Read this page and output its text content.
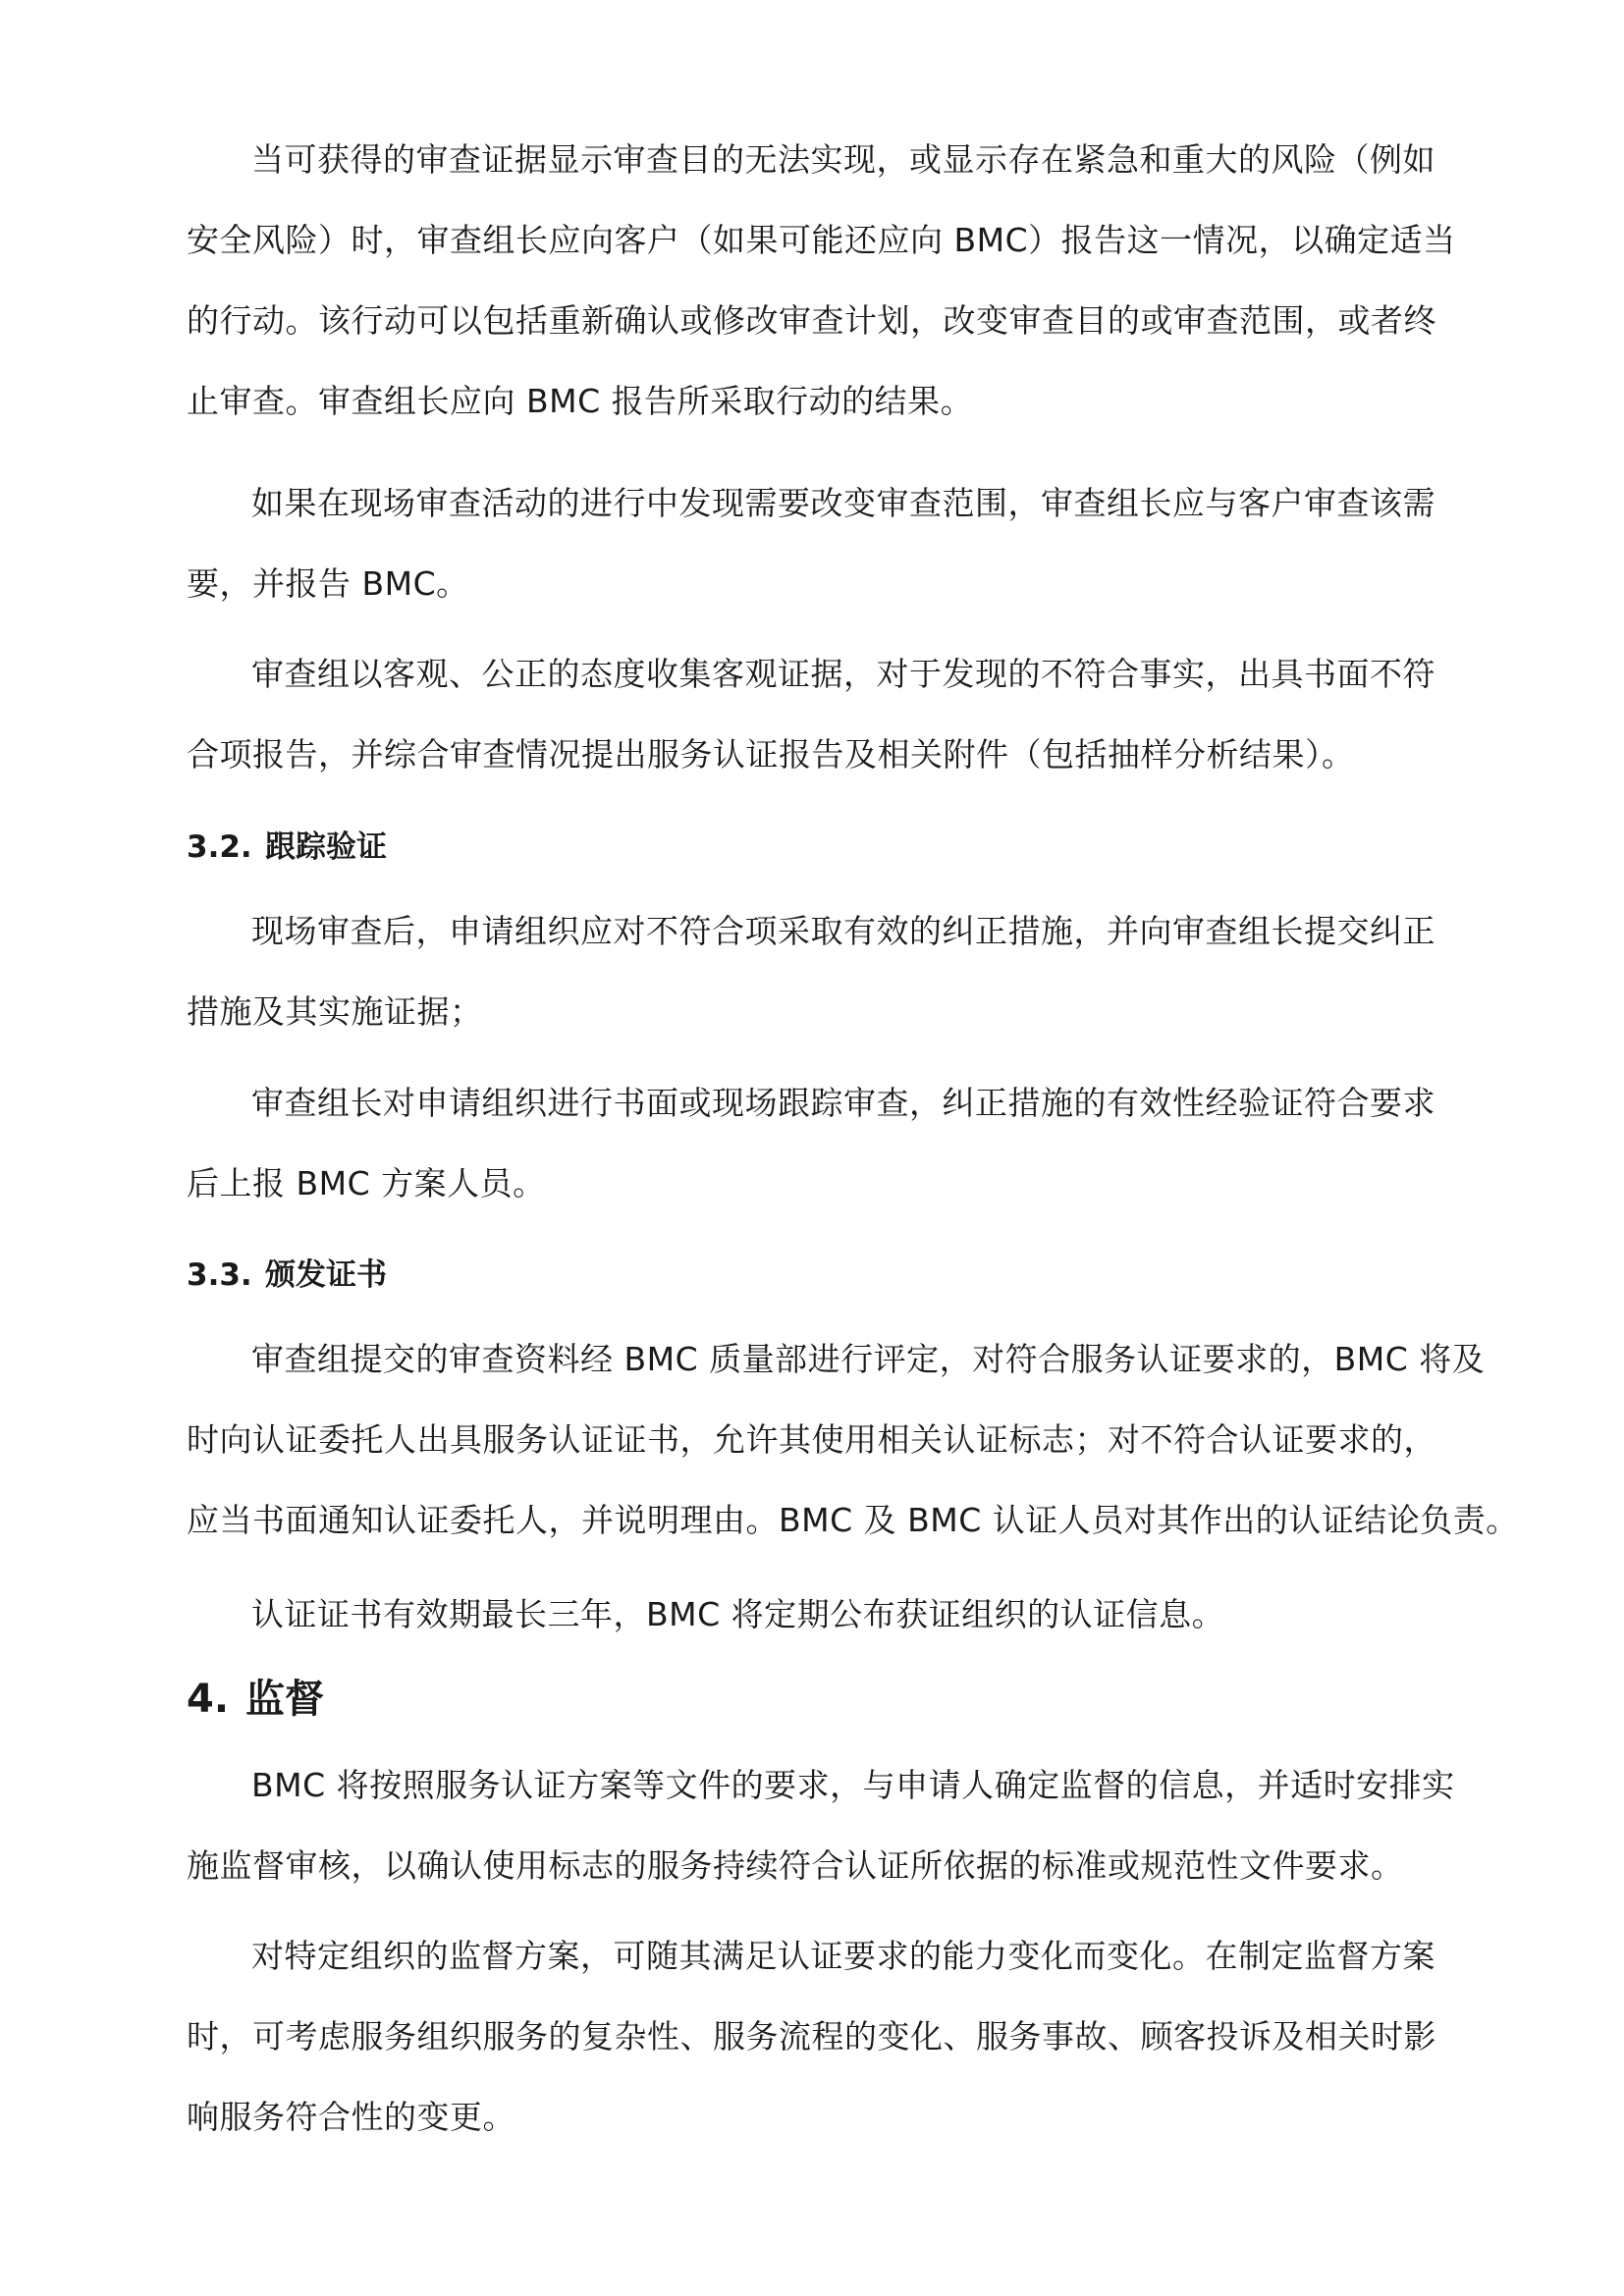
当可获得的审查证据显示审查目的无法实现，或显示存在紧急和重大的风险（例如
安全风险）时，审查组长应向客户（如果可能还应向 BMC）报告这一情况，以确定适当
的行动。该行动可以包括重新确认或修改审查计划，改变审查目的或审查范围，或者终
止审查。审查组长应向 BMC 报告所采取行动的结果。
如果在现场审查活动的进行中发现需要改变审查范围，审查组长应与客户审查该需
要，并报告 BMC。
审查组以客观、公正的态度收集客观证据，对于发现的不符合事实，出具书面不符
合项报告，并综合审查情况提出服务认证报告及相关附件（包括抽样分析结果）。
3.2. 跟踪验证
现场审查后，申请组织应对不符合项采取有效的纠正措施，并向审查组长提交纠正
措施及其实施证据；
审查组长对申请组织进行书面或现场跟踪审查，纠正措施的有效性经验证符合要求
后上报 BMC 方案人员。
3.3. 颁发证书
审查组提交的审查资料经 BMC 质量部进行评定，对符合服务认证要求的，BMC 将及
时向认证委托人出具服务认证证书，允许其使用相关认证标志；对不符合认证要求的，
应当书面通知认证委托人，并说明理由。BMC 及 BMC 认证人员对其作出的认证结论负责。
认证证书有效期最长三年，BMC 将定期公布获证组织的认证信息。
4. 监督
BMC 将按照服务认证方案等文件的要求，与申请人确定监督的信息，并适时安排实
施监督审核，以确认使用标志的服务持续符合认证所依据的标准或规范性文件要求。
对特定组织的监督方案，可随其满足认证要求的能力变化而变化。在制定监督方案
时，可考虑服务组织服务的复杂性、服务流程的变化、服务事故、顾客投诉及相关时影
响服务符合性的变更。
